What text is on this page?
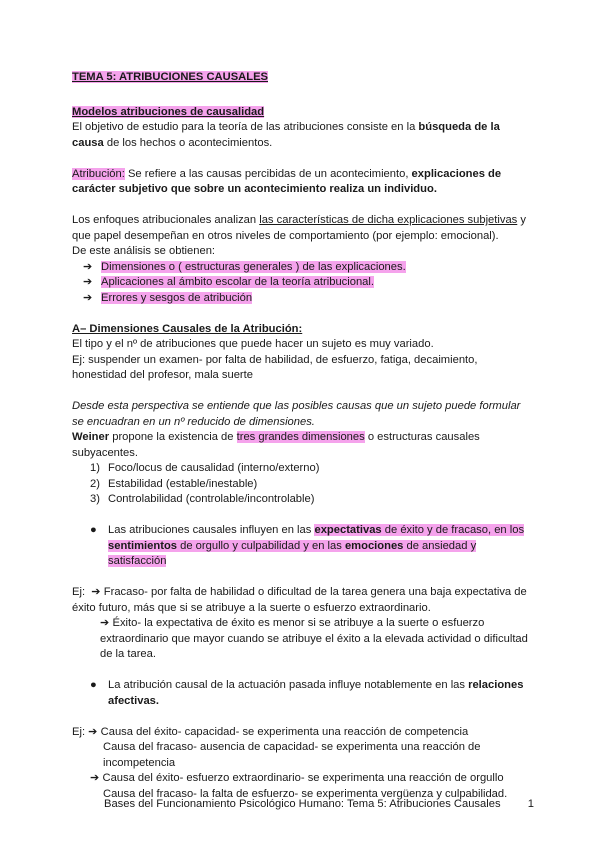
TEMA 5: ATRIBUCIONES CAUSALES

Modelos atribuciones de causalidad

El objetivo de estudio para la teoría de las atribuciones consiste en la búsqueda de la causa de los hechos o acontecimientos.

Atribución: Se refiere a las causas percibidas de un acontecimiento, explicaciones de carácter subjetivo que sobre un acontecimiento realiza un individuo.

Los enfoques atribucionales analizan las características de dicha explicaciones subjetivas y que papel desempeñan en otros niveles de comportamiento (por ejemplo: emocional).

De este análisis se obtienen:

➔ Dimensiones o ( estructuras generales ) de las explicaciones.
➔ Aplicaciones al ámbito escolar de la teoría atribucional.
➔ Errores y sesgos de atribución

A– Dimensiones Causales de la Atribución:

El tipo y el nº de atribuciones que puede hacer un sujeto es muy variado.

Ej: suspender un examen- por falta de habilidad, de esfuerzo, fatiga, decaimiento, honestidad del profesor, mala suerte

Desde esta perspectiva se entiende que las posibles causas que un sujeto puede formular se encuadran en un nº reducido de dimensiones.

Weiner propone la existencia de tres grandes dimensiones o estructuras causales subyacentes.

1) Foco/locus de causalidad (interno/externo)
2) Estabilidad (estable/inestable)
3) Controlabilidad (controlable/incontrolable)
● Las atribuciones causales influyen en las expectativas de éxito y de fracaso, en los sentimientos de orgullo y culpabilidad y en las emociones de ansiedad y satisfacción

Ej: ➔ Fracaso- por falta de habilidad o dificultad de la tarea genera una baja expectativa de éxito futuro, más que si se atribuye a la suerte o esfuerzo extraordinario.

➔ Éxito- la expectativa de éxito es menor si se atribuye a la suerte o esfuerzo extraordinario que mayor cuando se atribuye el éxito a la elevada actividad o dificultad de la tarea.

● La atribución causal de la actuación pasada influye notablemente en las relaciones afectivas.

Ej: ➔ Causa del éxito- capacidad- se experimenta una reacción de competencia

Causa del fracaso- ausencia de capacidad- se experimenta una reacción de incompetencia

➔ Causa del éxito- esfuerzo extraordinario- se experimenta una reacción de orgullo

Causa del fracaso- la falta de esfuerzo- se experimenta vergüenza y culpabilidad.

Bases del Funcionamiento Psicológico Humano: Tema 5: Atribuciones Causales 1
